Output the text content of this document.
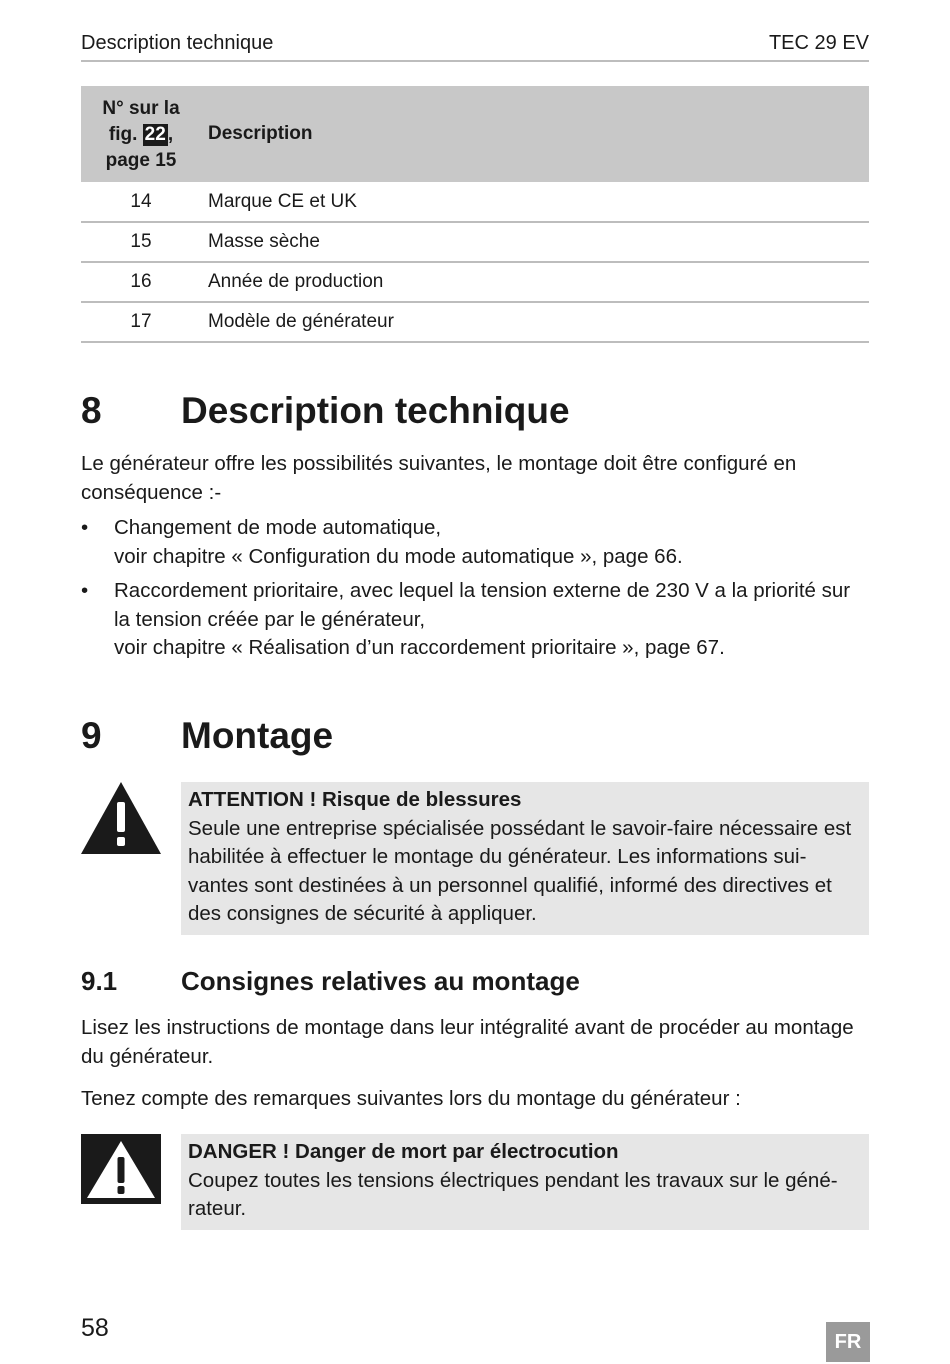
Description technique	TEC 29 EV
N° sur la
fig. 22 ,
page 15	Description
14	Marque CE et UK
15	Masse sèche
16	Année de production
17	Modèle de générateur
8 Description technique

Le générateur offre les possibilités suivantes, le montage doit être configuré en conséquence :-

• Changement de mode automatique,
voir chapitre « Configuration du mode automatique », page 66.
• Raccordement prioritaire, avec lequel la tension externe de 230 V a la priorité sur la tension créée par le générateur,
voir chapitre « Réalisation d’un raccordement prioritaire », page 67.
9 Montage
ATTENTION ! Risque de blessures
Seule une entreprise spécialisée possédant le savoir-faire nécessaire est habilitée à effectuer le montage du générateur. Les informations sui-vantes sont destinées à un personnel qualifié, informé des directives et des consignes de sécurité à appliquer.
9.1 Consignes relatives au montage

Lisez les instructions de montage dans leur intégralité avant de procéder au montage du générateur.

Tenez compte des remarques suivantes lors du montage du générateur :

DANGER ! Danger de mort par électrocution
Coupez toutes les tensions électriques pendant les travaux sur le géné-rateur.
58	FR
